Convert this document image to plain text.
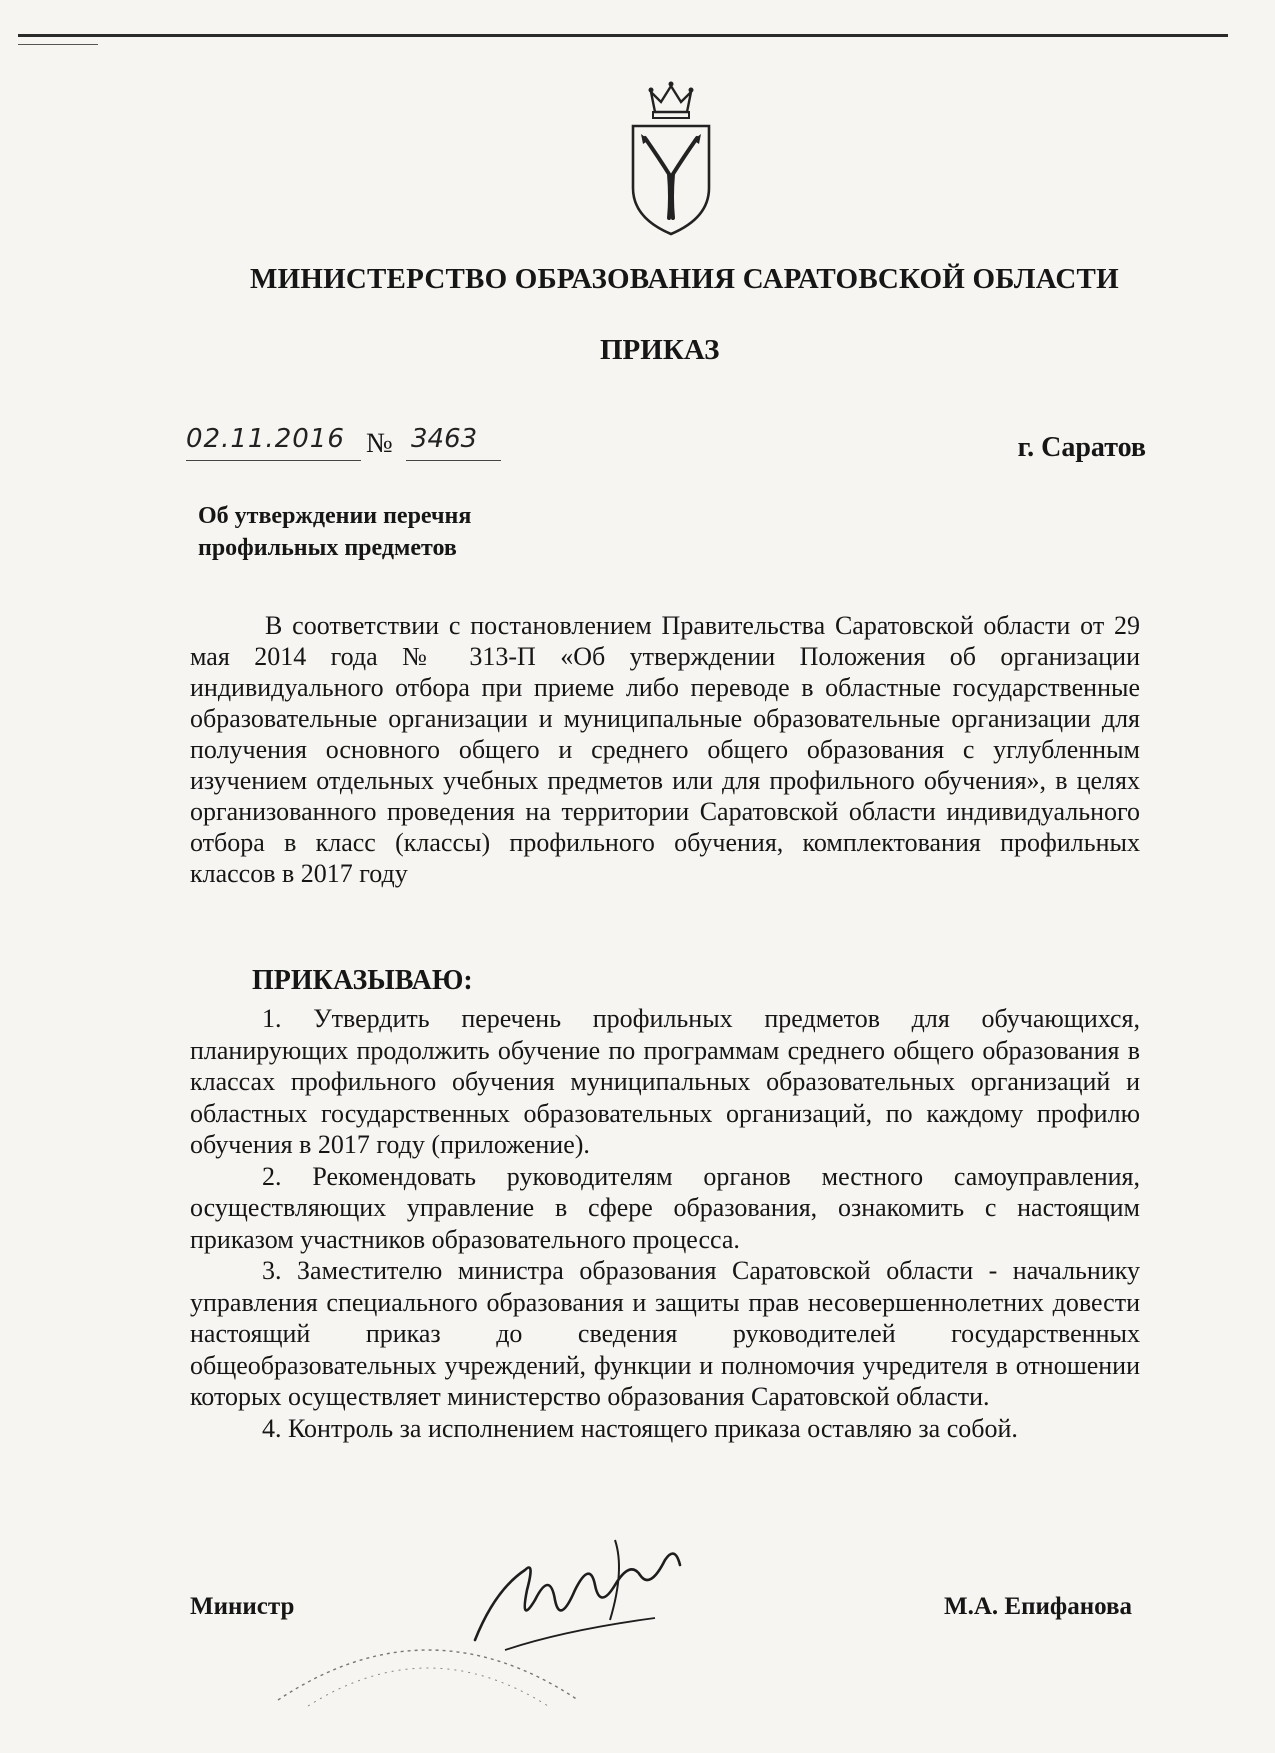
МИНИСТЕРСТВО ОБРАЗОВАНИЯ САРАТОВСКОЙ ОБЛАСТИ
ПРИКАЗ
02.11.2016 № 3463	г. Саратов
Об утверждении перечня
профильных предметов

В соответствии с постановлением Правительства Саратовской области от 29 мая 2014 года № 313-П «Об утверждении Положения об организации индивидуального отбора при приеме либо переводе в областные государственные образовательные организации и муниципальные образовательные организации для получения основного общего и среднего общего образования с углубленным изучением отдельных учебных предметов или для профильного обучения», в целях организованного проведения на территории Саратовской области индивидуального отбора в класс (классы) профильного обучения, комплектования профильных классов в 2017 году

ПРИКАЗЫВАЮ:

1. Утвердить перечень профильных предметов для обучающихся, планирующих продолжить обучение по программам среднего общего образования в классах профильного обучения муниципальных образовательных организаций и областных государственных образовательных организаций, по каждому профилю обучения в 2017 году (приложение).

2. Рекомендовать руководителям органов местного самоуправления, осуществляющих управление в сфере образования, ознакомить с настоящим приказом участников образовательного процесса.

3. Заместителю министра образования Саратовской области - начальнику управления специального образования и защиты прав несовершеннолетних довести настоящий приказ до сведения руководителей государственных общеобразовательных учреждений, функции и полномочия учредителя в отношении которых осуществляет министерство образования Саратовской области.

4. Контроль за исполнением настоящего приказа оставляю за собой.

Министр	М.А. Епифанова
